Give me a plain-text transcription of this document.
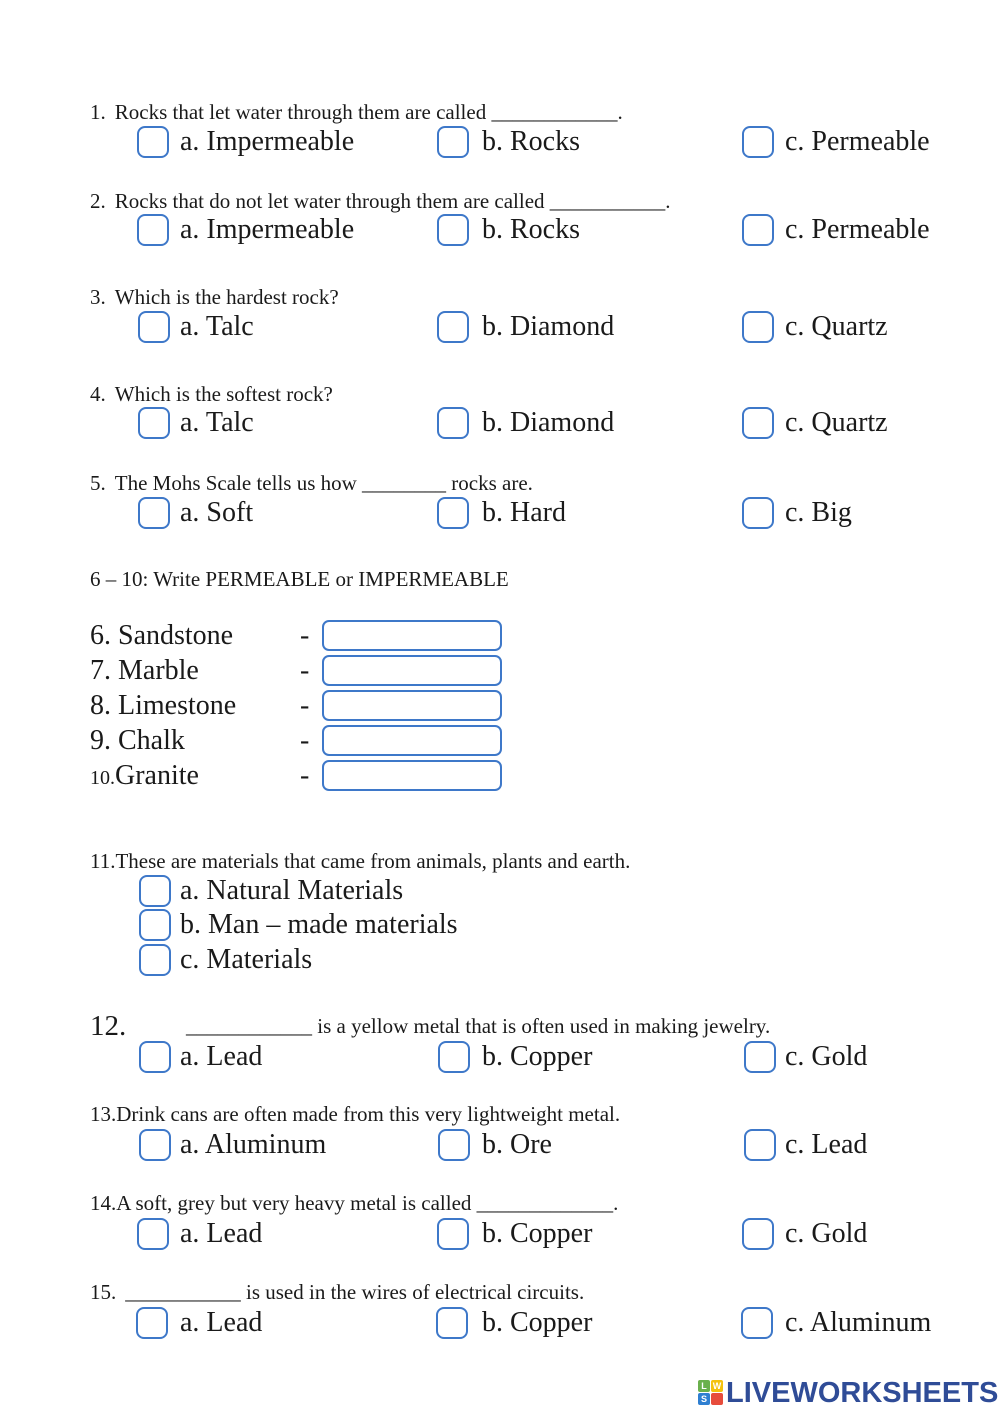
1. Rocks that let water through them are called ____________.
a. Impermeable	b. Rocks	c. Permeable
2. Rocks that do not let water through them are called ___________.
a. Impermeable	b. Rocks	c. Permeable
3. Which is the hardest rock?
a. Talc	b. Diamond	c. Quartz
4. Which is the softest rock?
a. Talc	b. Diamond	c. Quartz
5. The Mohs Scale tells us how ________ rocks are.
a. Soft	b. Hard	c. Big
6 – 10: Write PERMEABLE or IMPERMEABLE
6. Sandstone -
7. Marble	-
8. Limestone -
9. Chalk	-
10.Granite	-
11.These are materials that came from animals, plants and earth.
a. Natural Materials
b. Man – made materials
c. Materials
12.	____________ is a yellow metal that is often used in making jewelry.
a. Lead	b. Copper	c. Gold
13.Drink cans are often made from this very lightweight metal.
a. Aluminum	b. Ore	c. Lead
14.A soft, grey but very heavy metal is called _____________.
a. Lead	b. Copper	c. Gold
15. ___________ is used in the wires of electrical circuits.
a. Lead	b. Copper	c. Aluminum
L W
S LIVEWORKSHEETS
